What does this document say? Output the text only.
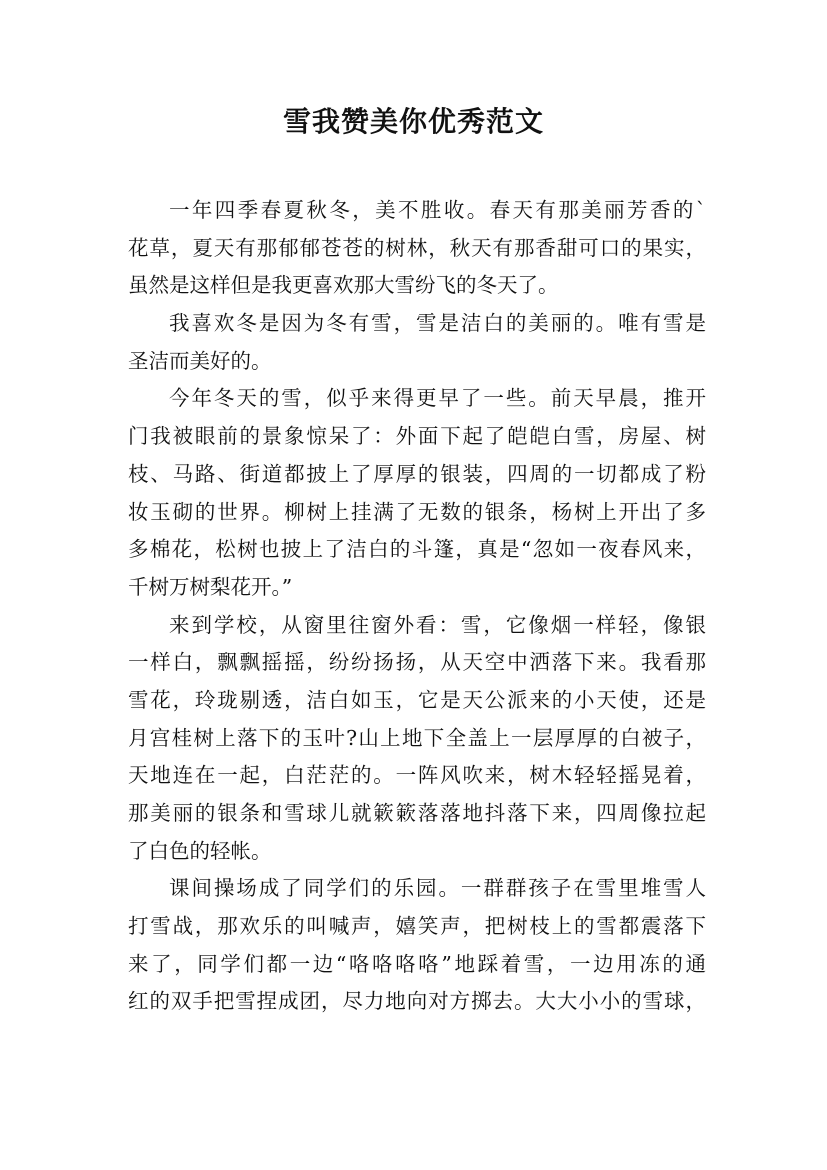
雪我赞美你优秀范文
一年四季春夏秋冬，美不胜收。春天有那美丽芳香的`
花草，夏天有那郁郁苍苍的树林，秋天有那香甜可口的果实，
虽然是这样但是我更喜欢那大雪纷飞的冬天了。
我喜欢冬是因为冬有雪，雪是洁白的美丽的。唯有雪是
圣洁而美好的。
今年冬天的雪，似乎来得更早了一些。前天早晨，推开
门我被眼前的景象惊呆了：外面下起了皑皑白雪，房屋、树
枝、马路、街道都披上了厚厚的银装，四周的一切都成了粉
妆玉砌的世界。柳树上挂满了无数的银条，杨树上开出了多
多棉花，松树也披上了洁白的斗篷，真是“忽如一夜春风来，
千树万树梨花开。”
来到学校，从窗里往窗外看：雪，它像烟一样轻，像银
一样白，飘飘摇摇，纷纷扬扬，从天空中洒落下来。我看那
雪花，玲珑剔透，洁白如玉，它是天公派来的小天使，还是
月宫桂树上落下的玉叶?山上地下全盖上一层厚厚的白被子，
天地连在一起，白茫茫的。一阵风吹来，树木轻轻摇晃着，
那美丽的银条和雪球儿就簌簌落落地抖落下来，四周像拉起
了白色的轻帐。
课间操场成了同学们的乐园。一群群孩子在雪里堆雪人
打雪战，那欢乐的叫喊声，嬉笑声，把树枝上的雪都震落下
来了，同学们都一边“咯咯咯咯”地踩着雪，一边用冻的通
红的双手把雪捏成团，尽力地向对方掷去。大大小小的雪球，
